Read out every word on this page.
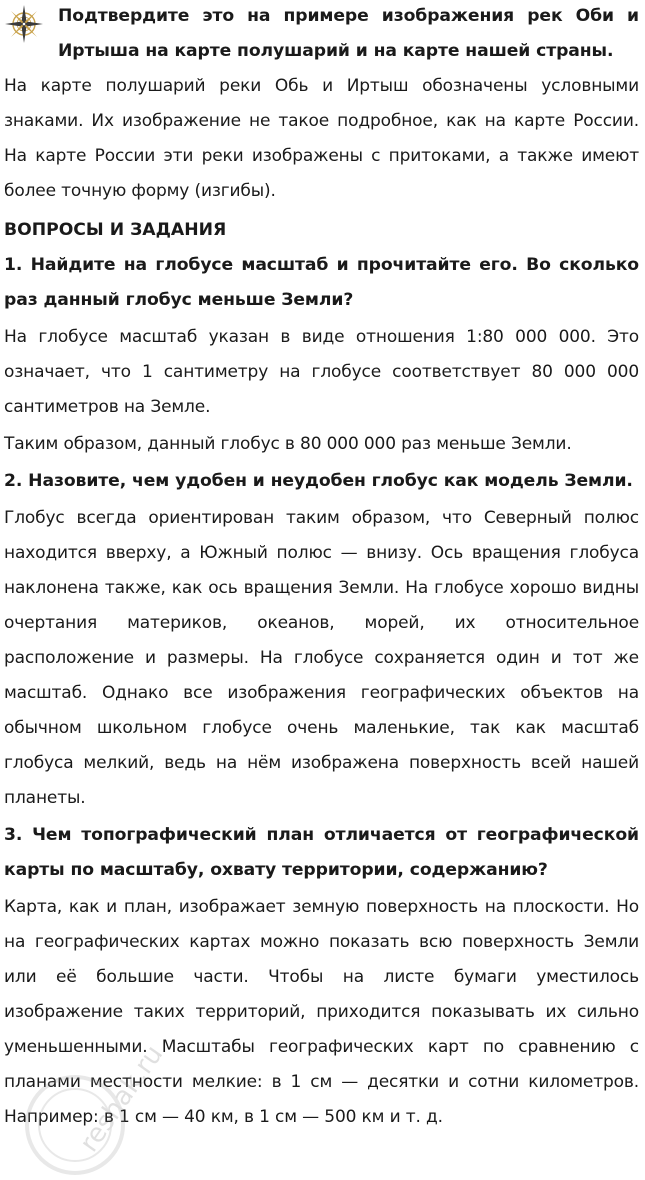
Подтвердите это на примере изображения рек Оби и Иртыша на карте полушарий и на карте нашей страны.

На карте полушарий реки Обь и Иртыш обозначены условными знаками. Их изображение не такое подробное, как на карте России. На карте России эти реки изображены с притоками, а также имеют более точную форму (изгибы).

ВОПРОСЫ И ЗАДАНИЯ

1. Найдите на глобусе масштаб и прочитайте его. Во сколько раз данный глобус меньше Земли?

На глобусе масштаб указан в виде отношения 1:80 000 000. Это означает, что 1 сантиметру на глобусе соответствует 80 000 000 сантиметров на Земле.

Таким образом, данный глобус в 80 000 000 раз меньше Земли.

2. Назовите, чем удобен и неудобен глобус как модель Земли.

Глобус всегда ориентирован таким образом, что Северный полюс находится вверху, а Южный полюс — внизу. Ось вращения глобуса наклонена также, как ось вращения Земли. На глобусе хорошо видны очертания материков, океанов, морей, их относительное расположение и размеры. На глобусе сохраняется один и тот же масштаб. Однако все изображения географических объектов на обычном школьном глобусе очень маленькие, так как масштаб глобуса мелкий, ведь на нём изображена поверхность всей нашей планеты.

3. Чем топографический план отличается от географической карты по масштабу, охвату территории, содержанию?

Карта, как и план, изображает земную поверхность на плоскости. Но на географических картах можно показать всю поверхность Земли или её большие части. Чтобы на листе бумаги уместилось изображение таких территорий, приходится показывать их сильно уменьшенными. Масштабы географических карт по сравнению с планами местности мелкие: в 1 см — десятки и сотни километров. Например: в 1 см — 40 км, в 1 см — 500 км и т. д.

reshak.ru
